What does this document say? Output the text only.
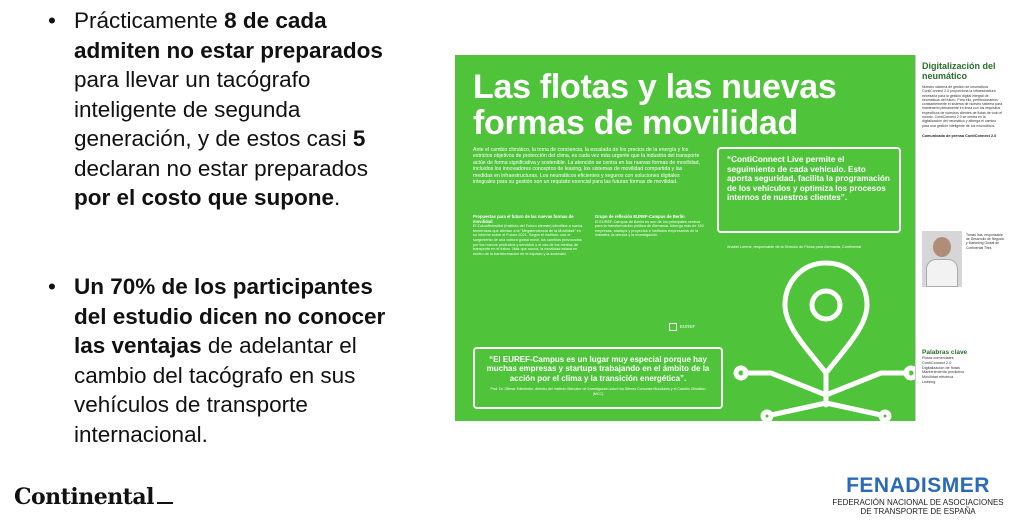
• Prácticamente 8 de cada admiten no estar preparados para llevar un tacógrafo inteligente de segunda generación, y de estos casi 5 declaran no estar preparados por el costo que supone.
• Un 70% de los participantes del estudio dicen no conocer las ventajas de adelantar el cambio del tacógrafo en sus vehículos de transporte internacional.
Las flotas y las nuevas formas de movilidad
Ante el cambio climático, la toma de conciencia, la escalada de los precios de la energía y los estrictos objetivos de protección del clima, es cada vez más urgente que la industria del transporte actúe de forma significativa y sostenible. La atención se centra en las nuevas formas de movilidad, incluidos los innovadores conceptos de leasing, los sistemas de movilidad compartida y las medidas en infraestructuras. Los neumáticos eficientes y seguros con soluciones digitales integrales para su gestión son un requisito esencial para las futuras formas de movilidad.
Propuestas para el futuro de las nuevas formas de movilidad
El Zukunftsinstitut (Instituto del Futuro alemán) identifica a nueva tendencias que afectan a la "Megatendencia de la Movilidad" en su informe sobre el Futuro 2021. Según el instituto, con el surgimiento de una cultura global móvil, los cambios provocados por los nuevos productos y servicios y el uso de los medios de transporte en el futuro. Más que nunca, la movilidad estará en centro de la transformación en el espacio y la sociedad.
Grupo de reflexión EUREF-Campus de Berlín
El EUREF-Campus de Berlín es uno de los principales centros para la transformación política de Alemania. Alberga más de 150 empresas, startups y proyectos e institutos empresarios de la industria, la ciencia y la investigación.
EUREF
“ContiConnect Live permite el seguimiento de cada vehículo. Esto aporta seguridad, facilita la programación de los vehículos y optimiza los procesos internos de nuestros clientes”.
Anabel Lorenz, responsable de la División de Flotas para Alemania, Continental
“El EUREF-Campus es un lugar muy especial porque hay muchas empresas y startups trabajando en el ámbito de la acción por el clima y la transición energética”.
Prof. Dr. Ottmar Edenhofer, director del Instituto Mercator de Investigación sobre los Bienes Comunes Mundiales y el Cambio Climático (MCC)
Digitalización del neumático
Nuestro sistema de gestión de neumáticos ContiConnect 2.0 proporciona la infraestructura necesaria para la gestión digital integral de neumáticos del futuro. Para ello, perfeccionamos constantemente el sistema de nuestro sistema para mantenerlo plenamente en línea con los requisitos específicos de nuestros clientes de flotas de todo el mundo. ContiConnect 2.0 se centra en la digitalización del neumático y alberga el camino para una gestión inteligente de los neumáticos.
Comunicado de prensa ContiConnect 2.0
Tomas Ista, responsable de Desarrollo de Negocio y Marketing Global de Continental Tires
Palabras clave
Flotas comerciales
ContiConnect 2.0
Digitalización de flotas
Mantenimiento predictivo
Movilidad eléctrica
Leasing
Continental	FENADISMER
FEDERACIÓN NACIONAL DE ASOCIACIONES
DE TRANSPORTE DE ESPAÑA
